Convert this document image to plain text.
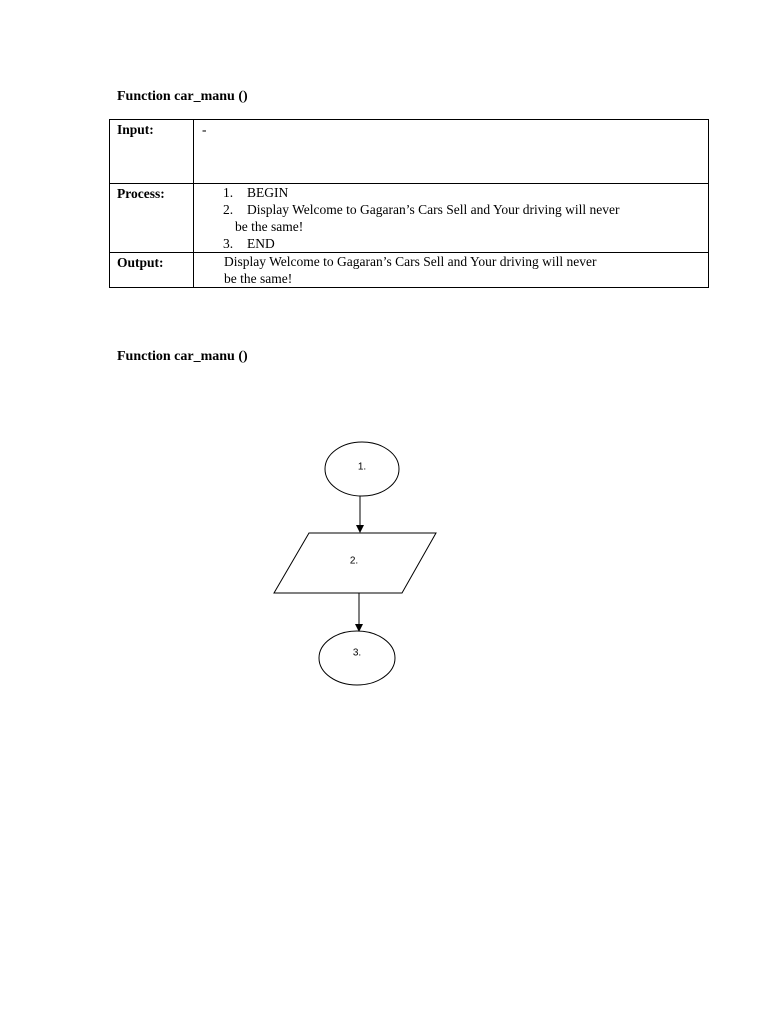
Function car_manu ()
Input:	-

Process:	1. BEGIN
2. Display Welcome to Gagaran’s Cars Sell and Your driving will never
be the same!
3. END

Output:	Display Welcome to Gagaran’s Cars Sell and Your driving will never
be the same!
Function car_manu ()
1.
2.
3.
